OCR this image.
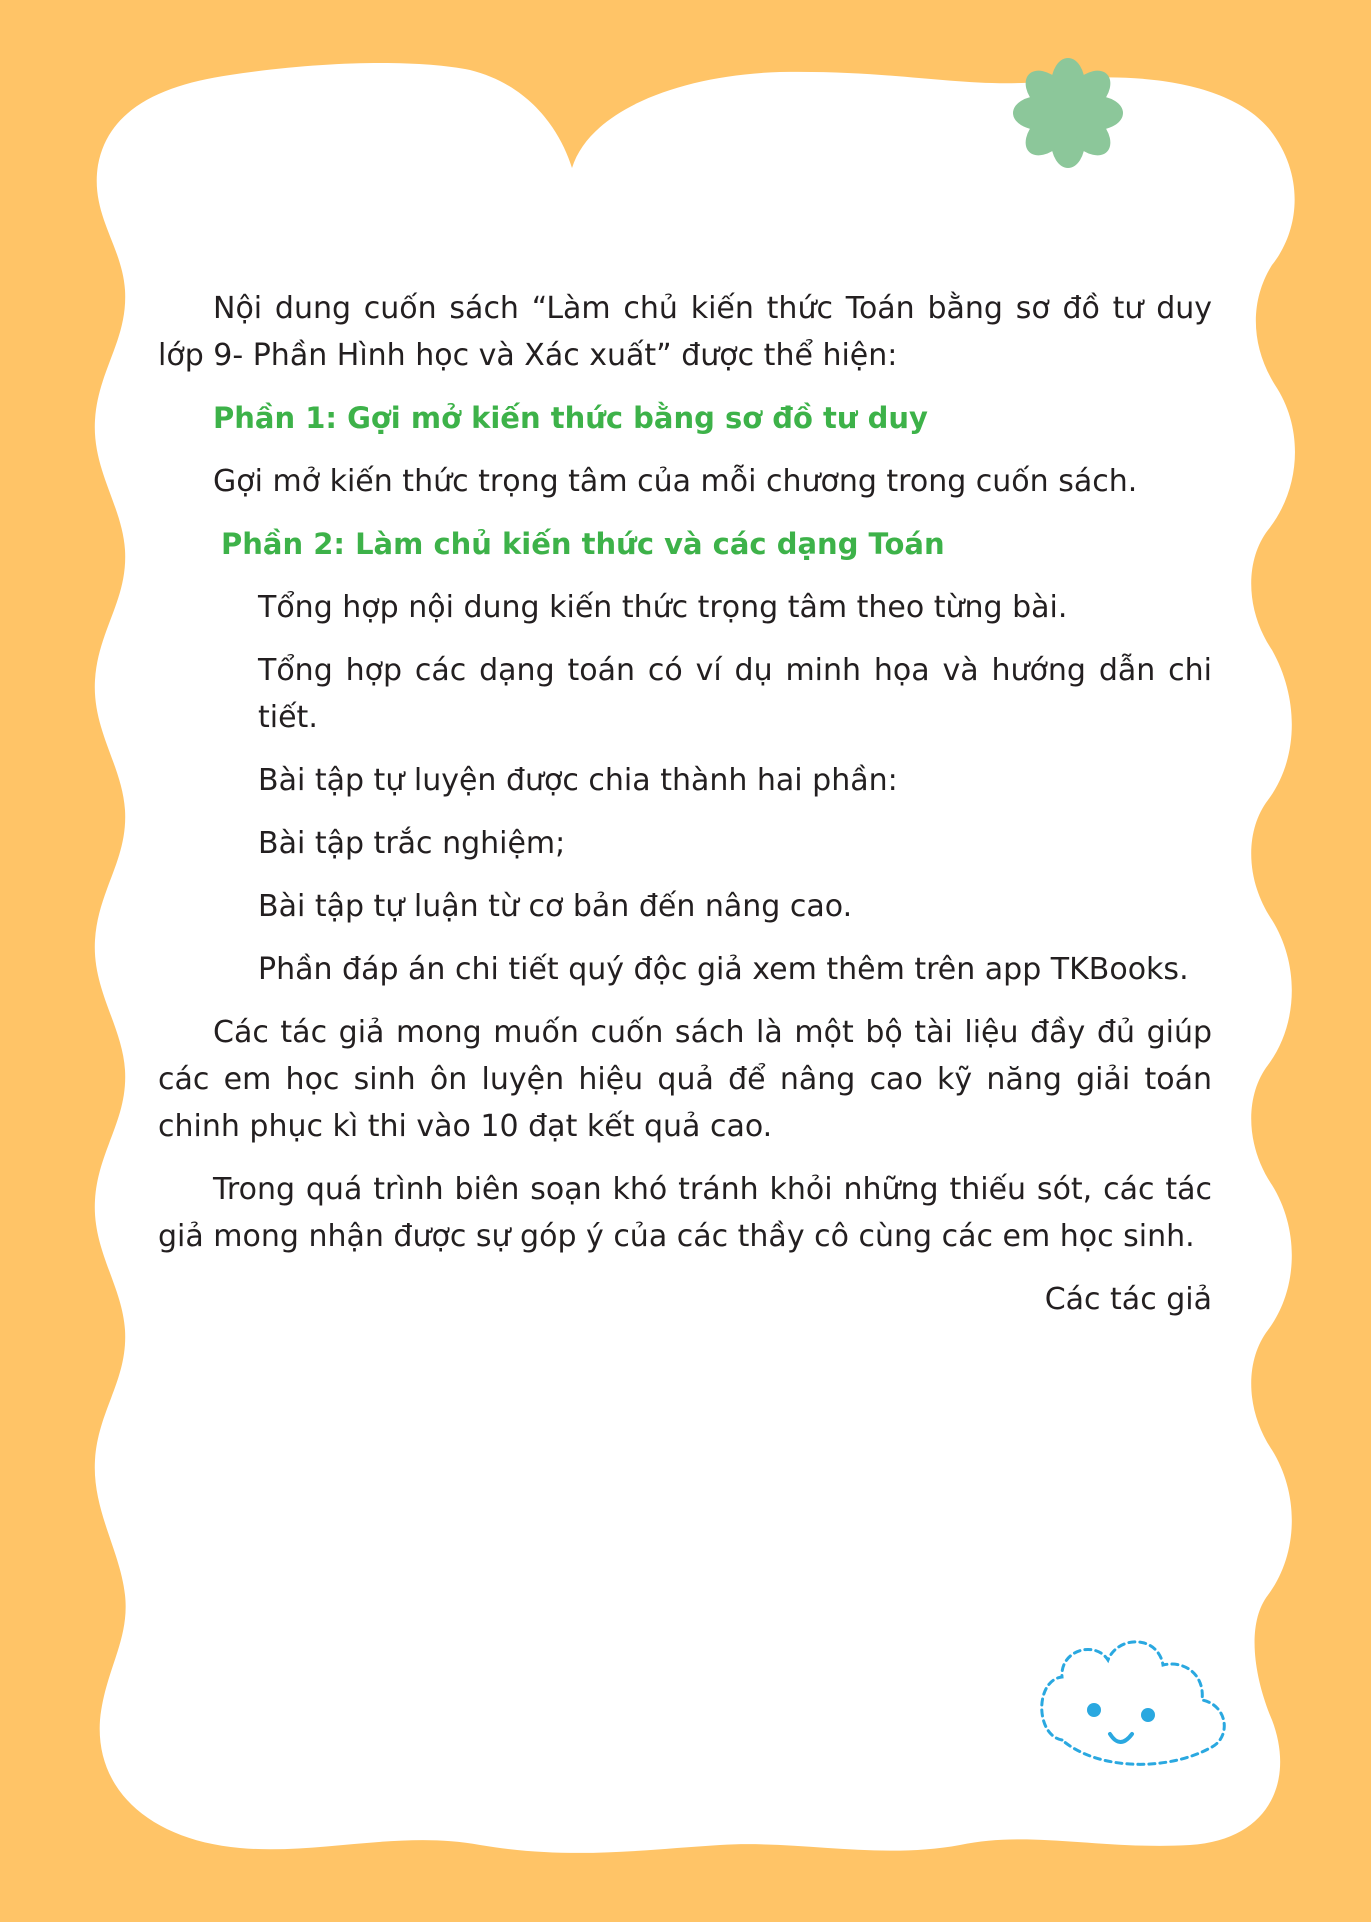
Nội dung cuốn sách “Làm chủ kiến thức Toán bằng sơ đồ tư duy lớp 9- Phần Hình học và Xác xuất” được thể hiện:

Phần 1: Gợi mở kiến thức bằng sơ đồ tư duy

Gợi mở kiến thức trọng tâm của mỗi chương trong cuốn sách.

Phần 2: Làm chủ kiến thức và các dạng Toán

Tổng hợp nội dung kiến thức trọng tâm theo từng bài.

Tổng hợp các dạng toán có ví dụ minh họa và hướng dẫn chi tiết.

Bài tập tự luyện được chia thành hai phần:

Bài tập trắc nghiệm;

Bài tập tự luận từ cơ bản đến nâng cao.

Phần đáp án chi tiết quý độc giả xem thêm trên app TKBooks.

Các tác giả mong muốn cuốn sách là một bộ tài liệu đầy đủ giúp các em học sinh ôn luyện hiệu quả để nâng cao kỹ năng giải toán chinh phục kì thi vào 10 đạt kết quả cao.

Trong quá trình biên soạn khó tránh khỏi những thiếu sót, các tác giả mong nhận được sự góp ý của các thầy cô cùng các em học sinh.

Các tác giả
